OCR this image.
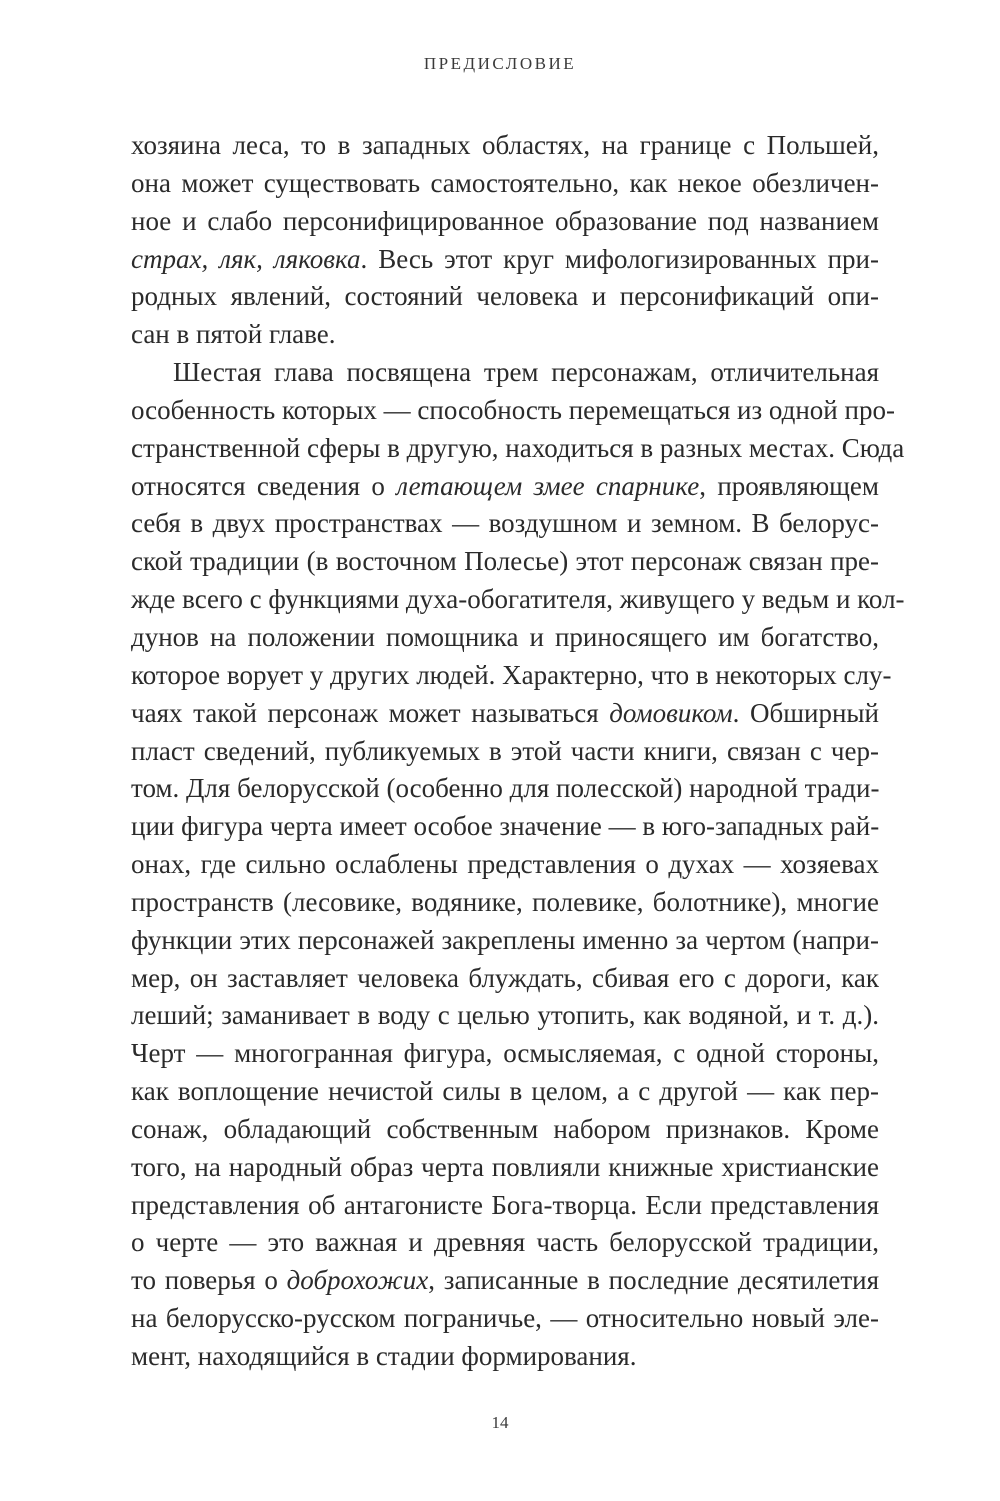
ПРЕДИСЛОВИЕ
хозяина леса, то в западных областях, на границе с Польшей,
она может существовать самостоятельно, как некое обезличен-
ное и слабо персонифицированное образование под названием
страх, ляк, ляковка. Весь этот круг мифологизированных при-
родных явлений, состояний человека и персонификаций опи-
сан в пятой главе.
Шестая глава посвящена трем персонажам, отличительная
особенность которых — способность перемещаться из одной про-
странственной сферы в другую, находиться в разных местах. Сюда
относятся сведения о летающем змее спарнике, проявляющем
себя в двух пространствах — воздушном и земном. В белорус-
ской традиции (в восточном Полесье) этот персонаж связан пре-
жде всего с функциями духа-обогатителя, живущего у ведьм и кол-
дунов на положении помощника и приносящего им богатство,
которое ворует у других людей. Характерно, что в некоторых слу-
чаях такой персонаж может называться домовиком. Обширный
пласт сведений, публикуемых в этой части книги, связан с чер-
том. Для белорусской (особенно для полесской) народной тради-
ции фигура черта имеет особое значение — в юго-западных рай-
онах, где сильно ослаблены представления о духах — хозяевах
пространств (лесовике, водянике, полевике, болотнике), многие
функции этих персонажей закреплены именно за чертом (напри-
мер, он заставляет человека блуждать, сбивая его с дороги, как
леший; заманивает в воду с целью утопить, как водяной, и т. д.).
Черт — многогранная фигура, осмысляемая, с одной стороны,
как воплощение нечистой силы в целом, а с другой — как пер-
сонаж, обладающий собственным набором признаков. Кроме
того, на народный образ черта повлияли книжные христианские
представления об антагонисте Бога-творца. Если представления
о черте — это важная и древняя часть белорусской традиции,
то поверья о доброхожих, записанные в последние десятилетия
на белорусско-русском пограничье, — относительно новый эле-
мент, находящийся в стадии формирования.
14
